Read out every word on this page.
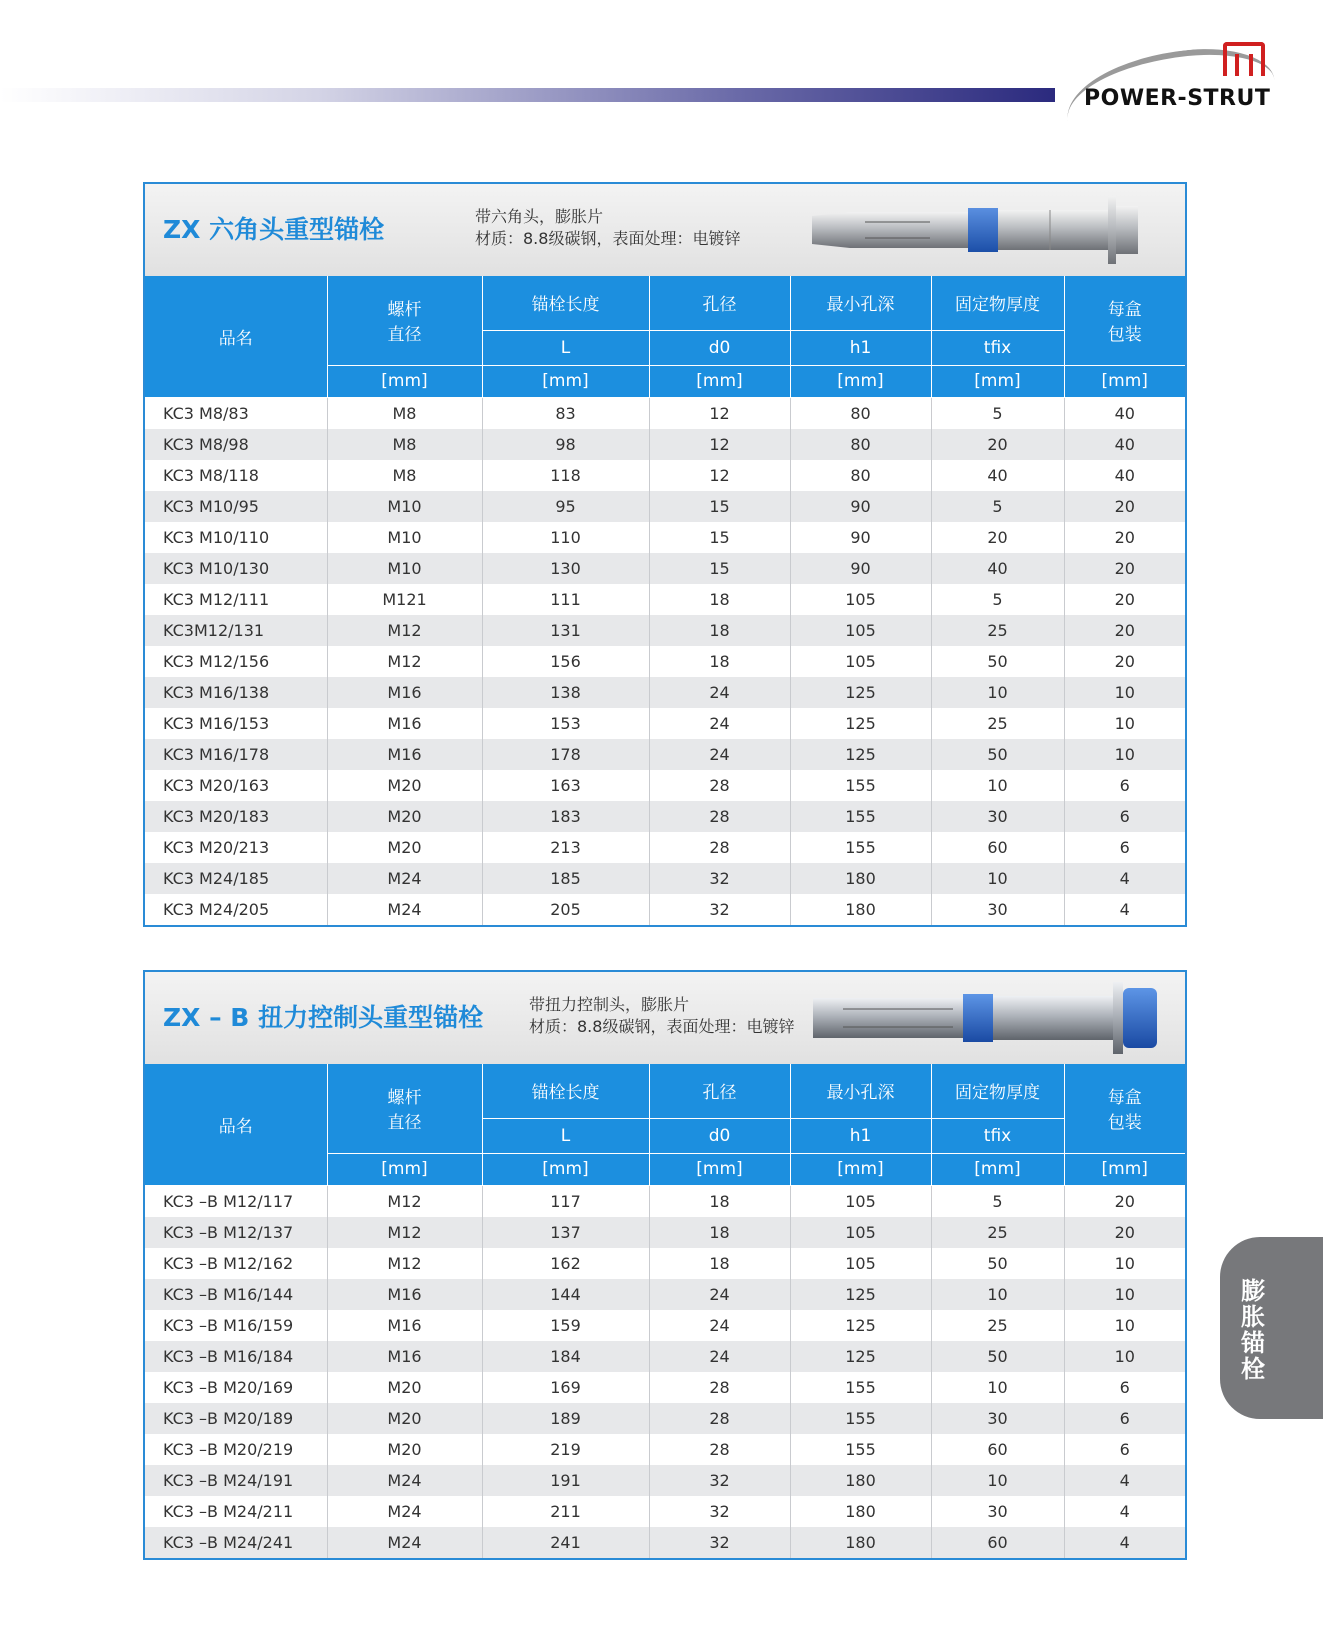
POWER-STRUT
ZX 六角头重型锚栓	带六角头，膨胀片
材质：8.8级碳钢，表面处理：电镀锌
品名	螺杆
直径	锚栓长度	孔径	最小孔深	固定物厚度	每盒
包装
		L	d0	h1	tfix	
	[mm]	[mm]	[mm]	[mm]	[mm]	[mm]
KC3 M8/83	M8	83	12	80	5	40
KC3 M8/98	M8	98	12	80	20	40
KC3 M8/118	M8	118	12	80	40	40
KC3 M10/95	M10	95	15	90	5	20
KC3 M10/110	M10	110	15	90	20	20
KC3 M10/130	M10	130	15	90	40	20
KC3 M12/111	M121	111	18	105	5	20
KC3M12/131	M12	131	18	105	25	20
KC3 M12/156	M12	156	18	105	50	20
KC3 M16/138	M16	138	24	125	10	10
KC3 M16/153	M16	153	24	125	25	10
KC3 M16/178	M16	178	24	125	50	10
KC3 M20/163	M20	163	28	155	10	6
KC3 M20/183	M20	183	28	155	30	6
KC3 M20/213	M20	213	28	155	60	6
KC3 M24/185	M24	185	32	180	10	4
KC3 M24/205	M24	205	32	180	30	4
ZX – B 扭力控制头重型锚栓	带扭力控制头，膨胀片
材质：8.8级碳钢，表面处理：电镀锌
品名	螺杆
直径	锚栓长度	孔径	最小孔深	固定物厚度	每盒
包装
		L	d0	h1	tfix	
	[mm]	[mm]	[mm]	[mm]	[mm]	[mm]
KC3 –B M12/117	M12	117	18	105	5	20
KC3 –B M12/137	M12	137	18	105	25	20
KC3 –B M12/162	M12	162	18	105	50	10
KC3 –B M16/144	M16	144	24	125	10	10
KC3 –B M16/159	M16	159	24	125	25	10
KC3 –B M16/184	M16	184	24	125	50	10
KC3 –B M20/169	M20	169	28	155	10	6
KC3 –B M20/189	M20	189	28	155	30	6
KC3 –B M20/219	M20	219	28	155	60	6
KC3 –B M24/191	M24	191	32	180	10	4
KC3 –B M24/211	M24	211	32	180	30	4
KC3 –B M24/241	M24	241	32	180	60	4
膨胀锚栓
